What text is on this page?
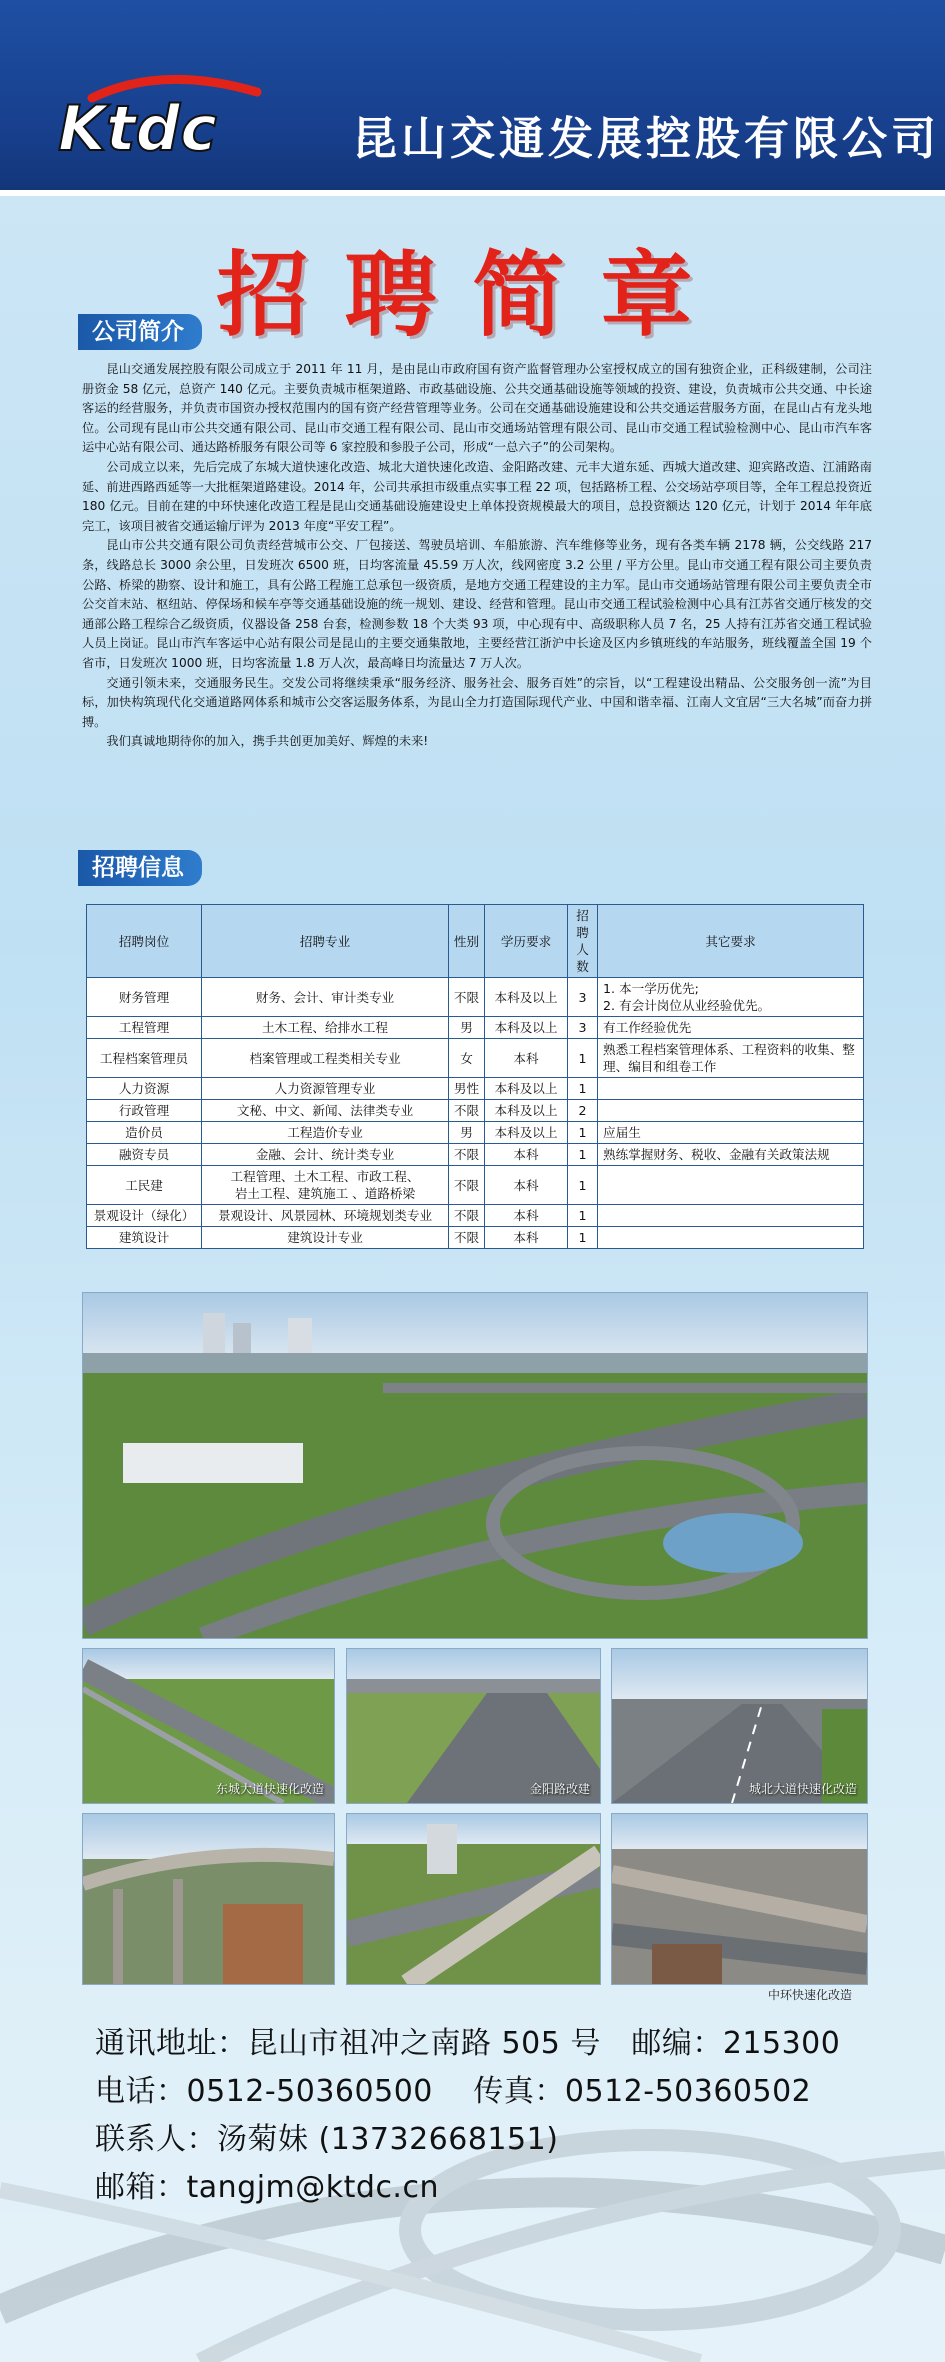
Ktdc	昆山交通发展控股有限公司
招聘简章
公司简介

昆山交通发展控股有限公司成立于 2011 年 11 月，是由昆山市政府国有资产监督管理办公室授权成立的国有独资企业，正科级建制，公司注册资金 58 亿元，总资产 140 亿元。主要负责城市框架道路、市政基础设施、公共交通基础设施等领域的投资、建设，负责城市公共交通、中长途客运的经营服务，并负责市国资办授权范围内的国有资产经营管理等业务。公司在交通基础设施建设和公共交通运营服务方面，在昆山占有龙头地位。公司现有昆山市公共交通有限公司、昆山市交通工程有限公司、昆山市交通场站管理有限公司、昆山市交通工程试验检测中心、昆山市汽车客运中心站有限公司、通达路桥服务有限公司等 6 家控股和参股子公司，形成“一总六子”的公司架构。

公司成立以来，先后完成了东城大道快速化改造、城北大道快速化改造、金阳路改建、元丰大道东延、西城大道改建、迎宾路改造、江浦路南延、前进西路西延等一大批框架道路建设。2014 年，公司共承担市级重点实事工程 22 项，包括路桥工程、公交场站亭项目等，全年工程总投资近 180 亿元。目前在建的中环快速化改造工程是昆山交通基础设施建设史上单体投资规模最大的项目，总投资额达 120 亿元，计划于 2014 年年底完工，该项目被省交通运输厅评为 2013 年度“平安工程”。

昆山市公共交通有限公司负责经营城市公交、厂包接送、驾驶员培训、车船旅游、汽车维修等业务，现有各类车辆 2178 辆，公交线路 217 条，线路总长 3000 余公里，日发班次 6500 班，日均客流量 45.59 万人次，线网密度 3.2 公里 / 平方公里。昆山市交通工程有限公司主要负责公路、桥梁的勘察、设计和施工，具有公路工程施工总承包一级资质，是地方交通工程建设的主力军。昆山市交通场站管理有限公司主要负责全市公交首末站、枢纽站、停保场和候车亭等交通基础设施的统一规划、建设、经营和管理。昆山市交通工程试验检测中心具有江苏省交通厅核发的交通部公路工程综合乙级资质，仪器设备 258 台套，检测参数 18 个大类 93 项，中心现有中、高级职称人员 7 名，25 人持有江苏省交通工程试验人员上岗证。昆山市汽车客运中心站有限公司是昆山的主要交通集散地，主要经营江浙沪中长途及区内乡镇班线的车站服务，班线覆盖全国 19 个省市，日发班次 1000 班，日均客流量 1.8 万人次，最高峰日均流量达 7 万人次。

交通引领未来，交通服务民生。交发公司将继续秉承“服务经济、服务社会、服务百姓”的宗旨，以“工程建设出精品、公交服务创一流”为目标，加快构筑现代化交通道路网体系和城市公交客运服务体系，为昆山全力打造国际现代产业、中国和谐幸福、江南人文宜居“三大名城”而奋力拼搏。

我们真诚地期待你的加入，携手共创更加美好、辉煌的未来!

招聘信息
招聘岗位	招聘专业	性别	学历要求	招聘人数	其它要求
财务管理	财务、会计、审计类专业	不限	本科及以上	3	1. 本一学历优先;
2. 有会计岗位从业经验优先。
工程管理	土木工程、给排水工程	男	本科及以上	3	有工作经验优先
工程档案管理员	档案管理或工程类相关专业	女	本科	1	熟悉工程档案管理体系、工程资料的收集、整理、编目和组卷工作
人力资源	人力资源管理专业	男性	本科及以上	1	
行政管理	文秘、中文、新闻、法律类专业	不限	本科及以上	2	
造价员	工程造价专业	男	本科及以上	1	应届生
融资专员	金融、会计、统计类专业	不限	本科	1	熟练掌握财务、税收、金融有关政策法规
工民建	工程管理、土木工程、市政工程、
岩土工程、建筑施工 、道路桥梁	不限	本科	1	
景观设计（绿化）	景观设计、风景园林、环境规划类专业	不限	本科	1	
建筑设计	建筑设计专业	不限	本科	1	
东城大道快速化改造	金阳路改建	城北大道快速化改造
中环快速化改造
通讯地址：昆山市祖冲之南路 505 号　邮编：215300
电话：0512-50360500　 传真：0512-50360502
联系人：汤菊妹 (13732668151)
邮箱：tangjm@ktdc.cn
